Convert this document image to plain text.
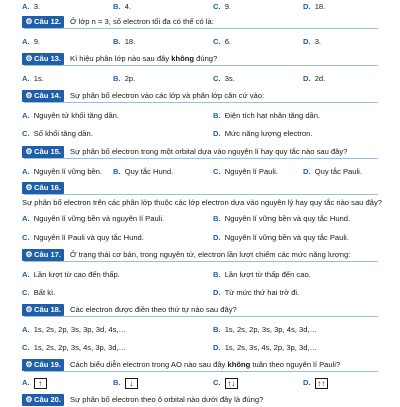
A. 3.	B. 4.	C. 9.	D. 18.
⚙Câu 12.	Ở lớp n = 3, số electron tối đa có thể có là:
A. 9.	B. 18.	C. 6.	D. 3.
⚙Câu 13.	Kí hiệu phân lớp nào sau đây không đúng?
A. 1s.	B. 2p.	C. 3s.	D. 2d.
⚙Câu 14.	Sự phân bố electron vào các lớp và phân lớp căn cứ vào:
A. Nguyên tử khối tăng dần.	B. Điện tích hạt nhân tăng dần.
C. Số khối tăng dần.	D. Mức năng lượng electron.
⚙Câu 15.	Sự phân bố electron trong một orbital dựa vào nguyên lí hay quy tắc nào sau đây?
A. Nguyên lí vững bền. B. Quy tắc Hund.	C. Nguyên lí Pauli.	D. Quy tắc Pauli.
⚙Câu 16.
Sự phân bố electron trên các phân lớp thuộc các lớp electron dựa vào nguyên lý hay quy tắc nào sau đây?
A. Nguyên lí vững bền và nguyên lí Pauli.	B. Nguyên lí vững bền và quy tắc Hund.
C. Nguyên lí Pauli và quy tắc Hund.	D. Nguyên lí vững bền và quy tắc Pauli.
⚙Câu 17.	Ở trạng thái cơ bản, trong nguyên tử, electron lần lượt chiếm các mức năng lượng:
A. Lần lượt từ cao đến thấp.	B. Lần lượt từ thấp đến cao.
C. Bất kì.	D. Từ mức thứ hai trở đi.
⚙Câu 18.	Các electron được điền theo thứ tự nào sau đây?
A. 1s, 2s, 2p, 3s, 3p, 3d, 4s,…	B. 1s, 2s, 2p, 3s, 3p, 4s, 3d,…
C. 1s, 2s, 2p, 3s, 4s, 3p, 3d,…	D. 1s, 2s, 3s, 4s, 2p, 3p, 3d,…
⚙Câu 19.	Cách biểu diễn electron trong AO nào sau đây không tuân theo nguyên lí Pauli?
A. ↑	B. ↓	C. ↑↓	D. ↑↑
⚙Câu 20.	Sự phân bố electron theo ô orbital nào dưới đây là đúng?
